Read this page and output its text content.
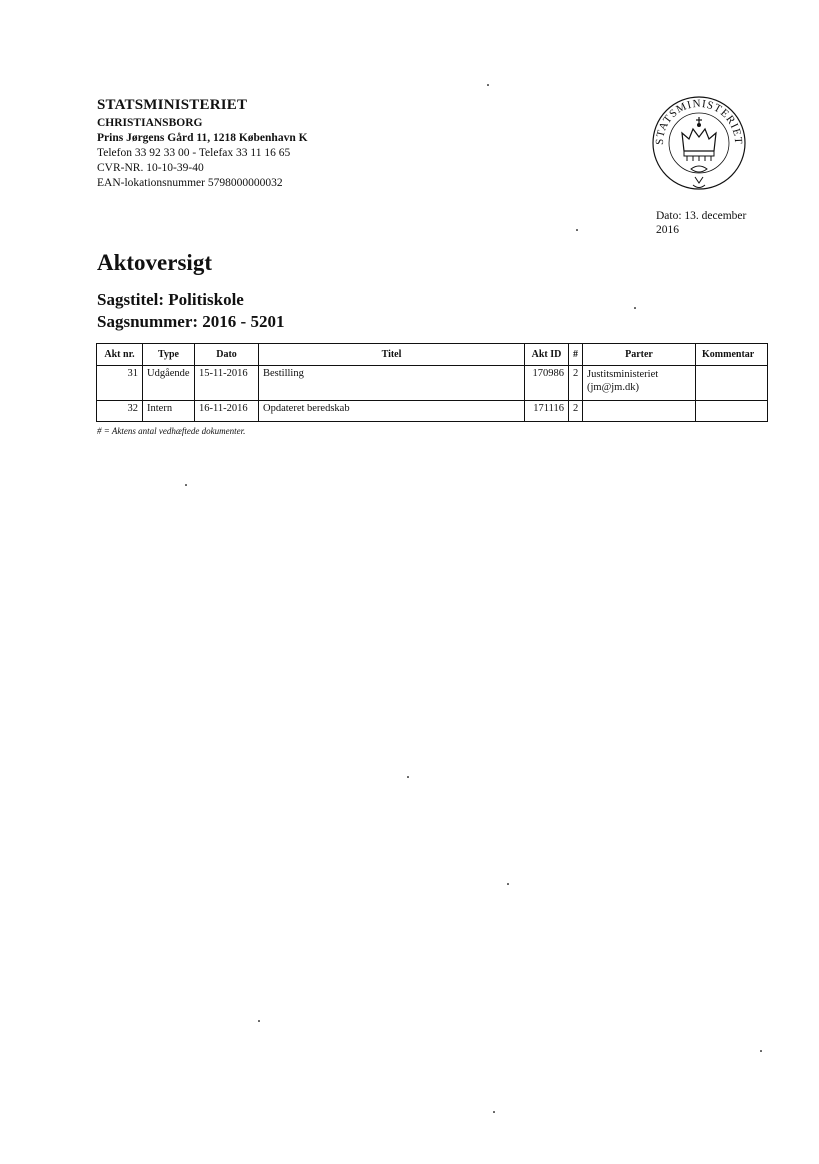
STATSMINISTERIET

CHRISTIANSBORG

Prins Jørgens Gård 11, 1218 København K

Telefon 33 92 33 00 - Telefax 33 11 16 65

CVR-NR. 10-10-39-40

EAN-lokationsnummer 5798000000032

STATSMINISTERIET
Dato: 13. december
2016
Aktoversigt
Sagstitel: Politiskole
Sagsnummer: 2016 - 5201
Akt nr.	Type	Dato	Titel	Akt ID	#	Parter	Kommentar
31	Udgående	15-11-2016	Bestilling	170986	2	Justitsministeriet (jm@jm.dk)	
32	Intern	16-11-2016	Opdateret beredskab	171116	2		
# = Aktens antal vedhæftede dokumenter.
